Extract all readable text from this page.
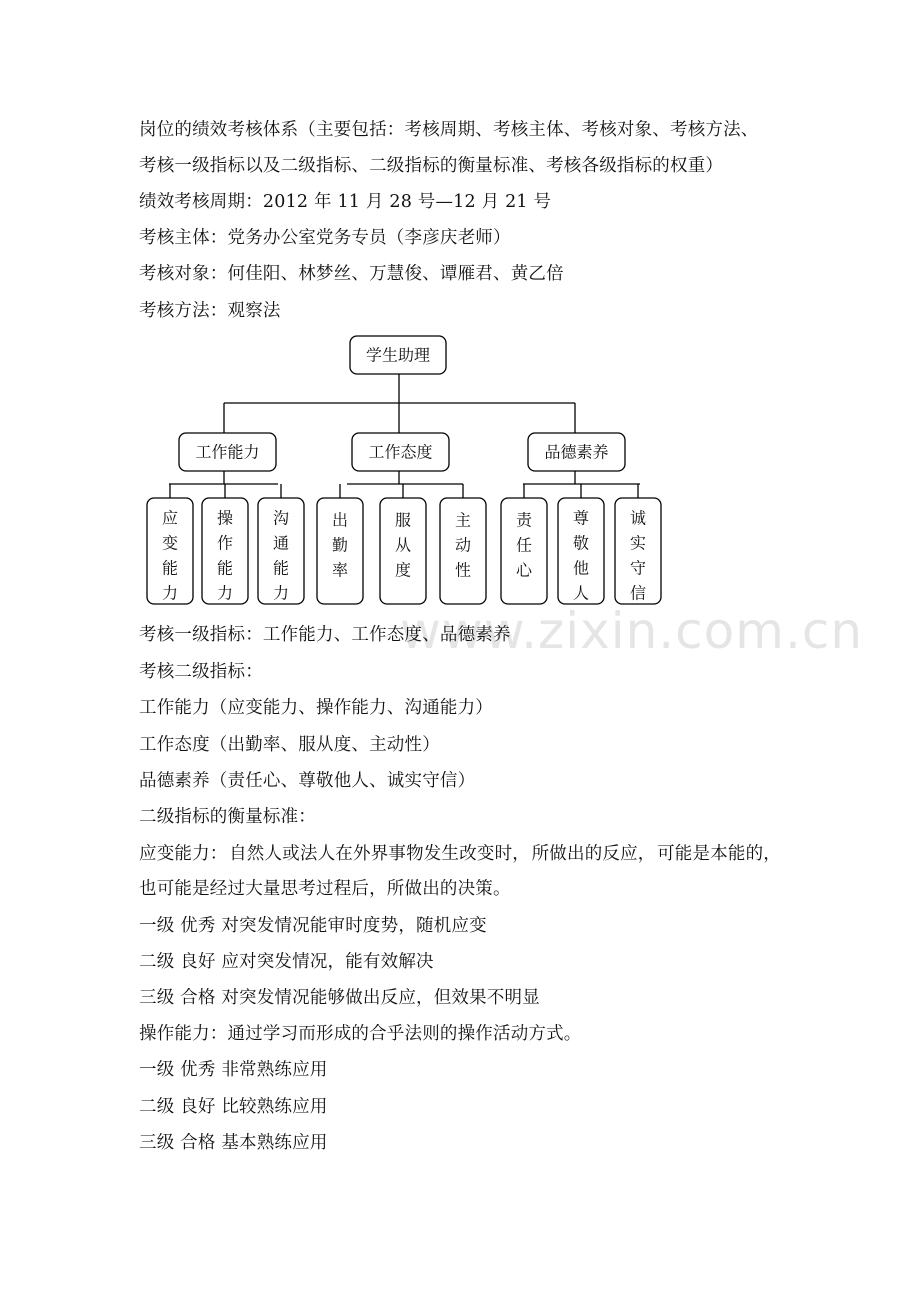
岗位的绩效考核体系（主要包括：考核周期、考核主体、考核对象、考核方法、
考核一级指标以及二级指标、二级指标的衡量标准、考核各级指标的权重）
绩效考核周期：2012 年 11 月 28 号—12 月 21 号
考核主体：党务办公室党务专员（李彦庆老师）
考核对象：何佳阳、林梦丝、万慧俊、谭雁君、黄乙倍
考核方法：观察法
学生助理
工作能力
应
变
能
力
操
作
能
力
沟
通
能
力
工作态度
出
勤
率
服
从
度
主
动
性
品德素养
责
任
心
尊
敬
他
人
诚
实
守
信
www.zixin.com.cn
考核一级指标：工作能力、工作态度、品德素养
考核二级指标：
工作能力（应变能力、操作能力、沟通能力）
工作态度（出勤率、服从度、主动性）
品德素养（责任心、尊敬他人、诚实守信）
二级指标的衡量标准：
应变能力： 自然人或法人在外界事物发生改变时， 所做出的反应， 可能是本能的，
也可能是经过大量思考过程后，所做出的决策。
一级 优秀 对突发情况能审时度势，随机应变
二级 良好 应对突发情况，能有效解决
三级 合格 对突发情况能够做出反应，但效果不明显
操作能力：通过学习而形成的合乎法则的操作活动方式。
一级 优秀 非常熟练应用
二级 良好 比较熟练应用
三级 合格 基本熟练应用
